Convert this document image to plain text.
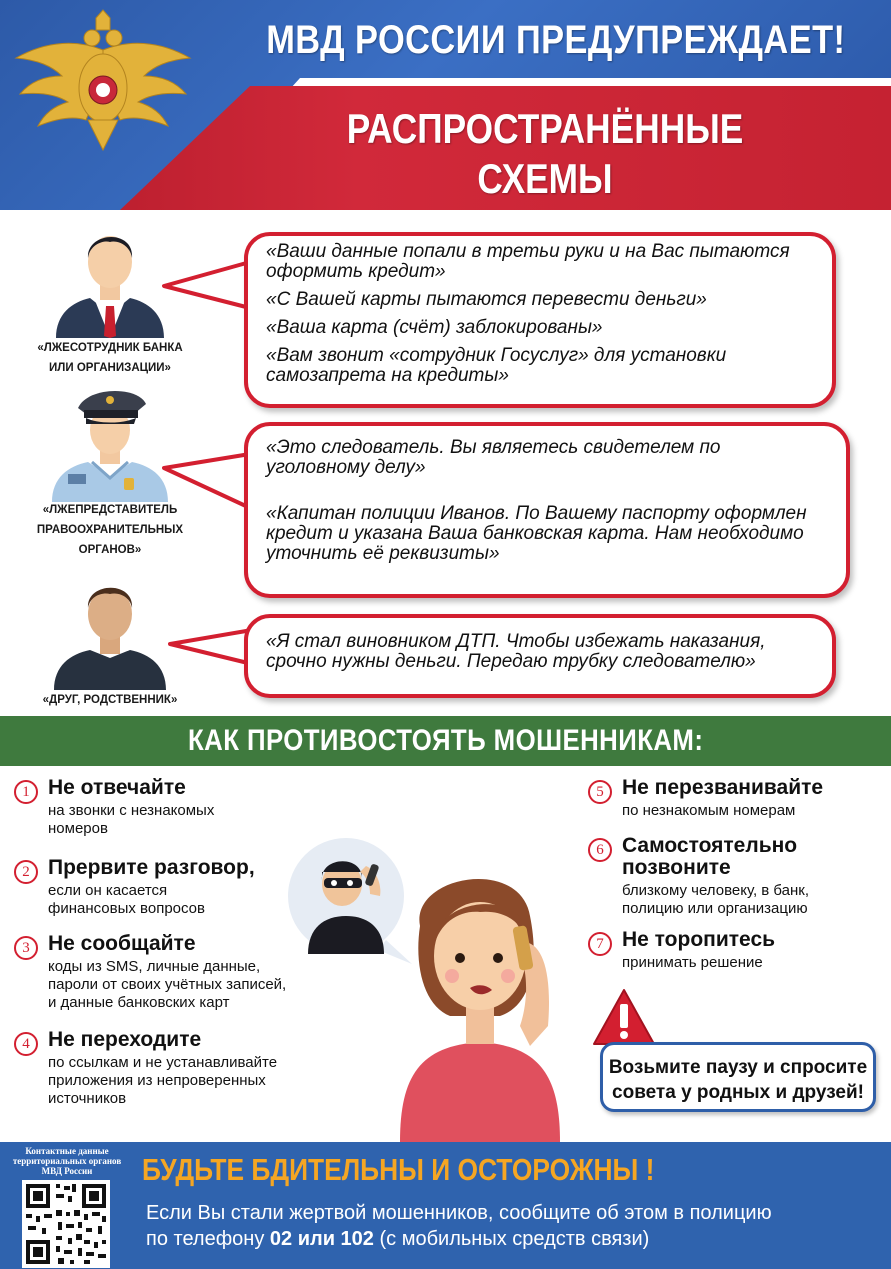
МВД РОССИИ ПРЕДУПРЕЖДАЕТ!
РАСПРОСТРАНЁННЫЕ СХЕМЫ
«ЛЖЕСОТРУДНИК БАНКА
ИЛИ ОРГАНИЗАЦИИ»

«Ваши данные попали в третьи руки и на Вас пытаются оформить кредит»

«С Вашей карты пытаются перевести деньги»

«Ваша карта (счёт) заблокированы»

«Вам звонит «сотрудник Госуслуг» для установки самозапрета на кредиты»

«ЛЖЕПРЕДСТАВИТЕЛЬ
ПРАВООХРАНИТЕЛЬНЫХ
ОРГАНОВ»

«Это следователь. Вы являетесь свидетелем по уголовному делу»

«Капитан полиции Иванов. По Вашему паспорту оформлен кредит и указана Ваша банковская карта. Нам необходимо уточнить её реквизиты»

«ДРУГ, РОДСТВЕННИК»

«Я стал виновником ДТП. Чтобы избежать наказания, срочно нужны деньги. Передаю трубку следователю»

КАК ПРОТИВОСТОЯТЬ МОШЕННИКАМ:
1 Не отвечайте
на звонки с незнакомых
номеров
2 Прервите разговор,
если он касается
финансовых вопросов
3 Не сообщайте
коды из SMS, личные данные,
пароли от своих учётных записей,
и данные банковских карт
4 Не переходите
по ссылкам и не устанавливайте
приложения из непроверенных
источников
5 Не перезванивайте
по незнакомым номерам
6 Самостоятельно
позвоните
близкому человеку, в банк,
полицию или организацию
7 Не торопитесь
принимать решение
Возьмите паузу и спросите
совета у родных и друзей!
Контактные данные
территориальных органов
МВД России	БУДЬТЕ БДИТЕЛЬНЫ И ОСТОРОЖНЫ !
Если Вы стали жертвой мошенников, сообщите об этом в полицию
по телефону 02 или 102 (с мобильных средств связи)
